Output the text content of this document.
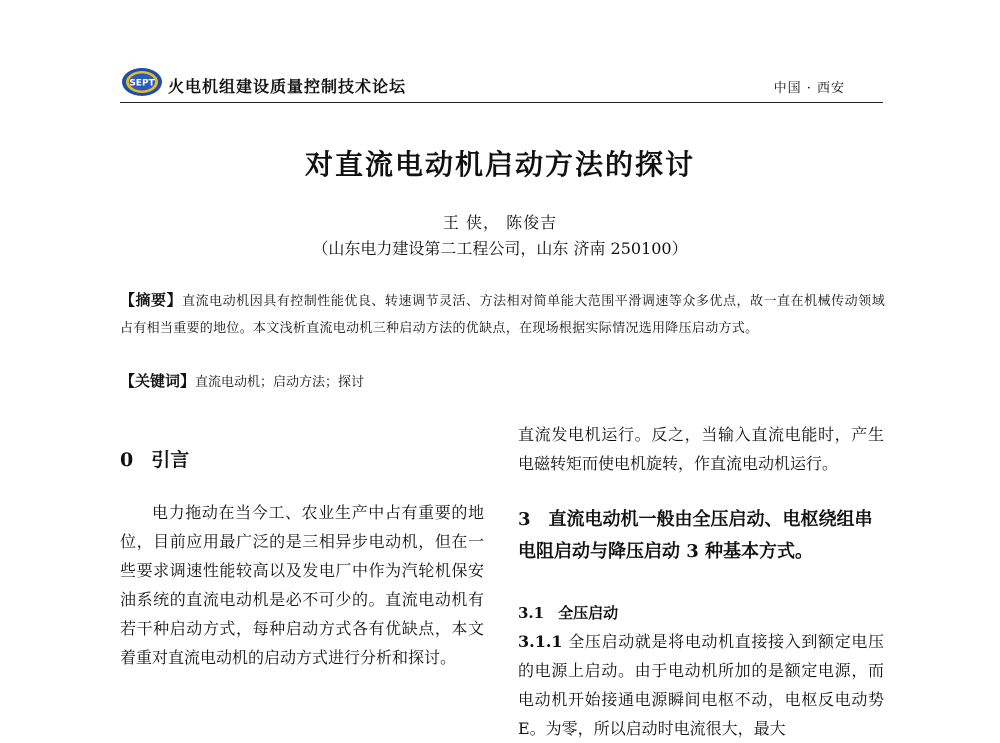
SEPT 火电机组建设质量控制技术论坛	中国 · 西安
对直流电动机启动方法的探讨
王 侠， 陈俊吉
（山东电力建设第二工程公司，山东 济南 250100）
【摘要】直流电动机因具有控制性能优良、转速调节灵活、方法相对简单能大范围平滑调速等众多优点，故一直在机械传动领域占有相当重要的地位。本文浅析直流电动机三种启动方法的优缺点，在现场根据实际情况选用降压启动方式。
【关键词】直流电动机；启动方法；探讨

0 引言

电力拖动在当今工、农业生产中占有重要的地位，目前应用最广泛的是三相异步电动机，但在一些要求调速性能较高以及发电厂中作为汽轮机保安油系统的直流电动机是必不可少的。直流电动机有若干种启动方式，每种启动方式各有优缺点，本文着重对直流电动机的启动方式进行分析和探讨。

直流发电机运行。反之，当输入直流电能时，产生电磁转矩而使电机旋转，作直流电动机运行。

3 直流电动机一般由全压启动、电枢绕组串电阻启动与降压启动 3 种基本方式。

3.1 全压启动

3.1.1 全压启动就是将电动机直接接入到额定电压的电源上启动。由于电动机所加的是额定电源，而电动机开始接通电源瞬间电枢不动，电枢反电动势 E。为零，所以启动时电流很大，最大
